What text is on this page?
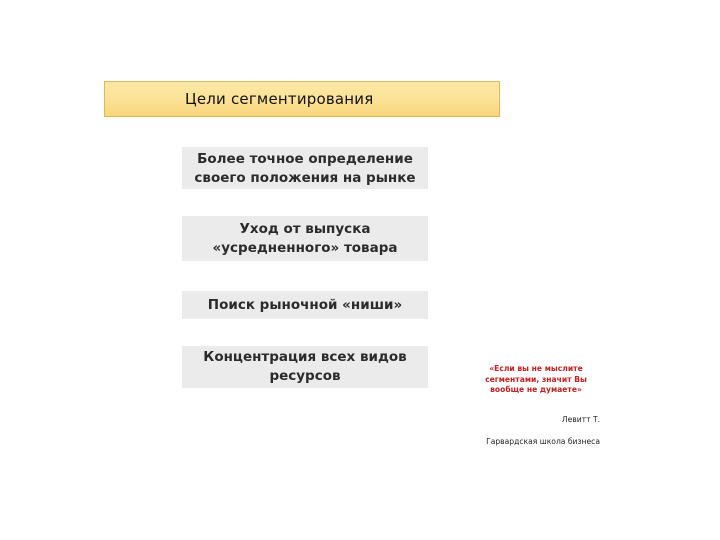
Цели сегментирования
Более точное определение
своего положения на рынке
Уход от выпуска
«усредненного» товара
Поиск рыночной «ниши»
Концентрация всех видов
ресурсов	«Если вы не мыслите
сегментами, значит Вы
вообще не думаете»

Левитт Т.

Гарвардская школа бизнеса
